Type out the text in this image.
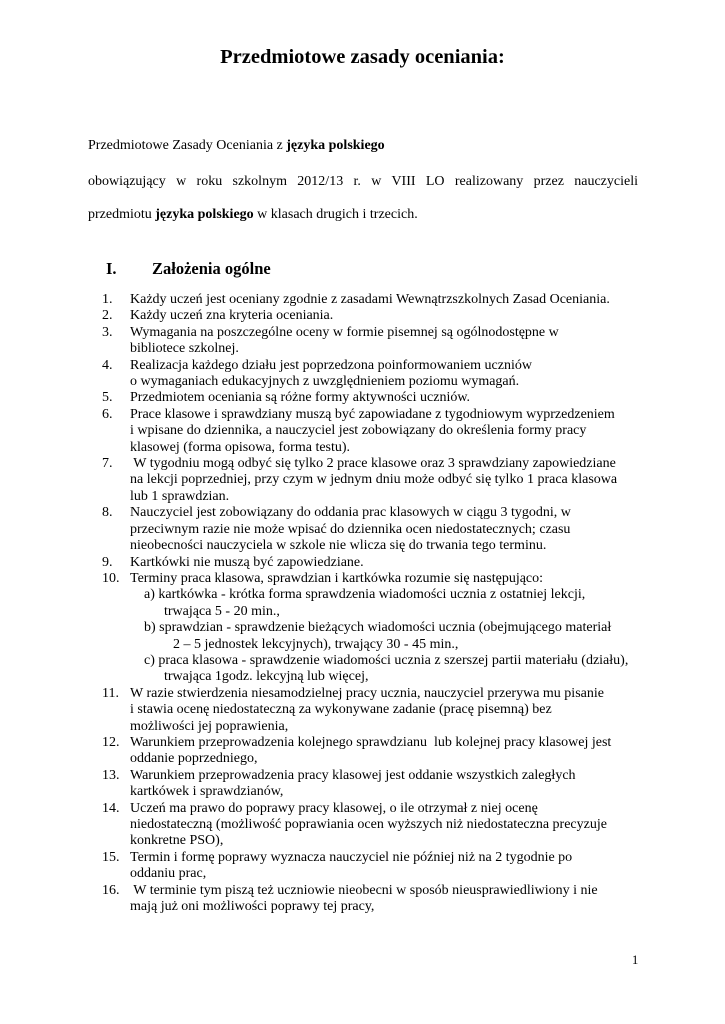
Przedmiotowe zasady oceniania:

Przedmiotowe Zasady Oceniania z języka polskiego

obowiązujący w roku szkolnym 2012/13 r. w VIII LO realizowany przez nauczycieli

przedmiotu języka polskiego w klasach drugich i trzecich.

I. Założenia ogólne
1. Każdy uczeń jest oceniany zgodnie z zasadami Wewnątrzszkolnych Zasad Oceniania.
2. Każdy uczeń zna kryteria oceniania.
3. Wymagania na poszczególne oceny w formie pisemnej są ogólnodostępne w
bibliotece szkolnej.
4. Realizacja każdego działu jest poprzedzona poinformowaniem uczniów
o wymaganiach edukacyjnych z uwzględnieniem poziomu wymagań.
5. Przedmiotem oceniania są różne formy aktywności uczniów.
6. Prace klasowe i sprawdziany muszą być zapowiadane z tygodniowym wyprzedzeniem
i wpisane do dziennika, a nauczyciel jest zobowiązany do określenia formy pracy
klasowej (forma opisowa, forma testu).
7. W tygodniu mogą odbyć się tylko 2 prace klasowe oraz 3 sprawdziany zapowiedziane
na lekcji poprzedniej, przy czym w jednym dniu może odbyć się tylko 1 praca klasowa
lub 1 sprawdzian.
8. Nauczyciel jest zobowiązany do oddania prac klasowych w ciągu 3 tygodni, w
przeciwnym razie nie może wpisać do dziennika ocen niedostatecznych; czasu
nieobecności nauczyciela w szkole nie wlicza się do trwania tego terminu.
9. Kartkówki nie muszą być zapowiedziane.
10. Terminy praca klasowa, sprawdzian i kartkówka rozumie się następująco:
a) kartkówka - krótka forma sprawdzenia wiadomości ucznia z ostatniej lekcji,
trwająca 5 - 20 min.,
b) sprawdzian - sprawdzenie bieżących wiadomości ucznia (obejmującego materiał
2 – 5 jednostek lekcyjnych), trwający 30 - 45 min.,
c) praca klasowa - sprawdzenie wiadomości ucznia z szerszej partii materiału (działu),
trwająca 1godz. lekcyjną lub więcej,
11. W razie stwierdzenia niesamodzielnej pracy ucznia, nauczyciel przerywa mu pisanie
i stawia ocenę niedostateczną za wykonywane zadanie (pracę pisemną) bez
możliwości jej poprawienia,
12. Warunkiem przeprowadzenia kolejnego sprawdzianu  lub kolejnej pracy klasowej jest
oddanie poprzedniego,
13. Warunkiem przeprowadzenia pracy klasowej jest oddanie wszystkich zaległych
kartkówek i sprawdzianów,
14. Uczeń ma prawo do poprawy pracy klasowej, o ile otrzymał z niej ocenę
niedostateczną (możliwość poprawiania ocen wyższych niż niedostateczna precyzuje
konkretne PSO),
15. Termin i formę poprawy wyznacza nauczyciel nie później niż na 2 tygodnie po
oddaniu prac,
16. W terminie tym piszą też uczniowie nieobecni w sposób nieusprawiedliwiony i nie
mają już oni możliwości poprawy tej pracy,

1
